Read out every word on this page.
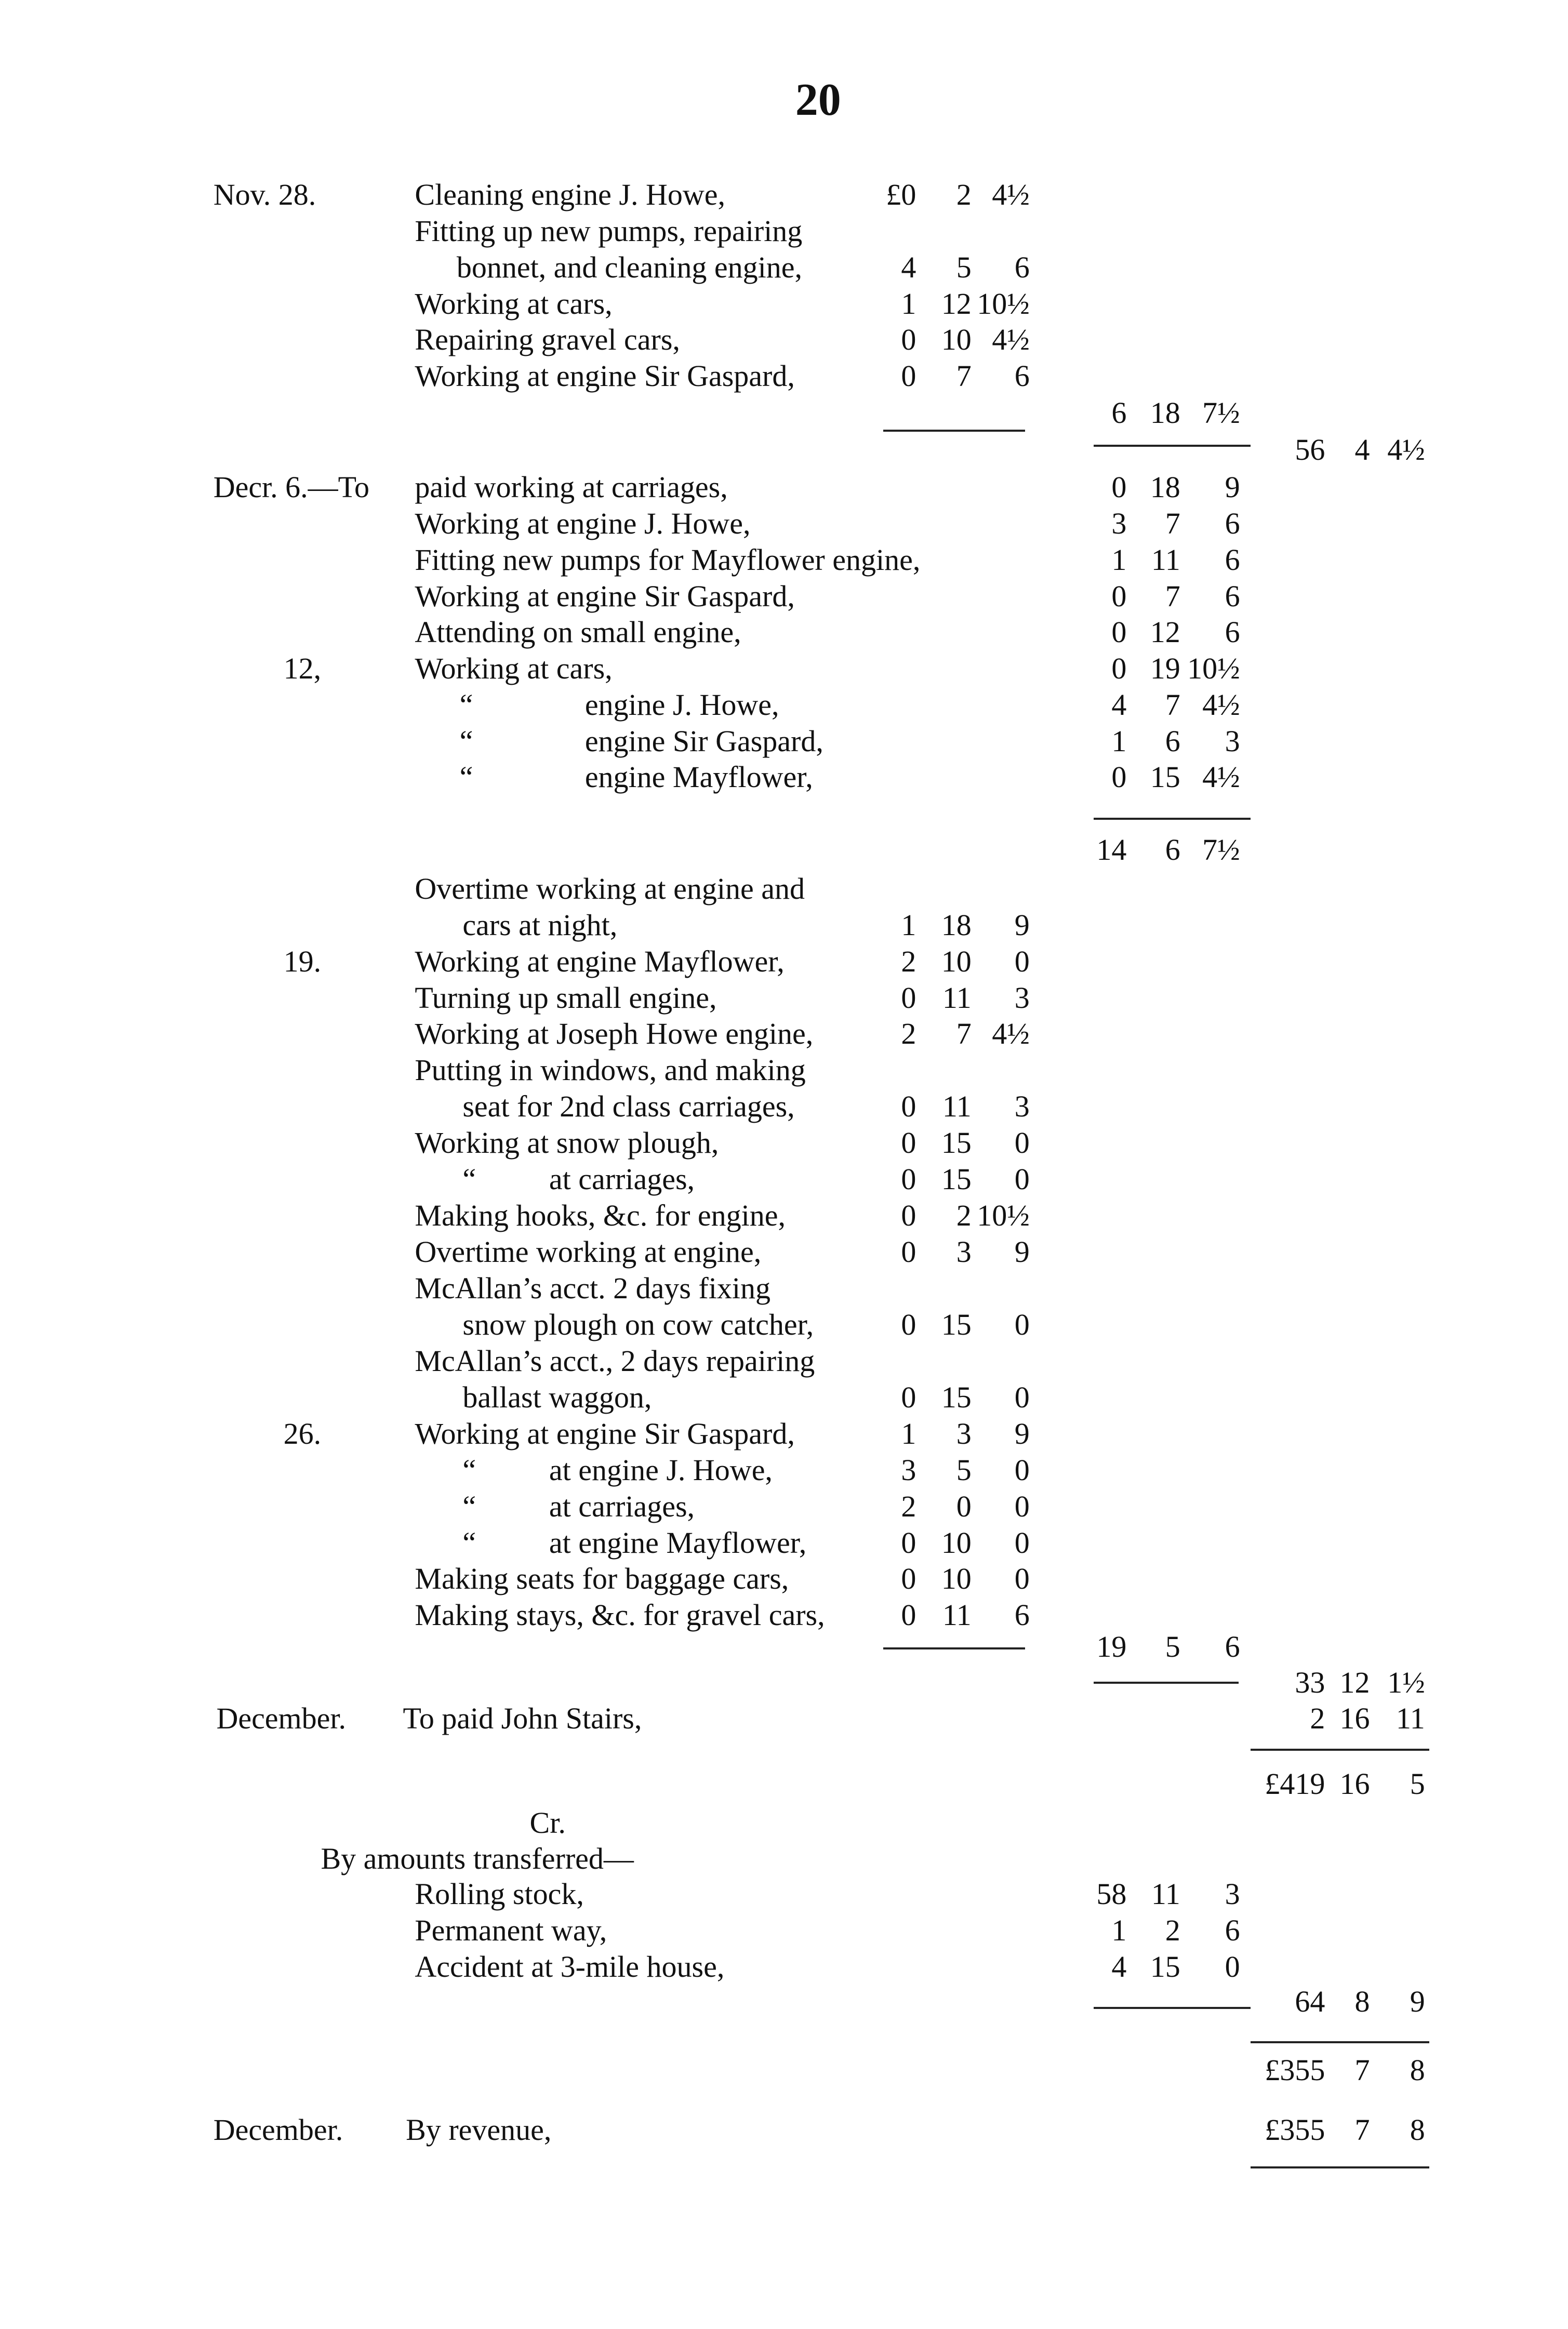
20
Nov. 28.	Cleaning engine J. Howe,	£0 2 4½
Fitting up new pumps, repairing
bonnet, and cleaning engine,	4 5 6
Working at cars,	1 12 10½
Repairing gravel cars,	0 10 4½
Working at engine Sir Gaspard,	0 7 6
6 18 7½
56 4 4½
Decr. 6.—To paid working at carriages,	0 18 9
Working at engine J. Howe,	3 7 6
Fitting new pumps for Mayflower engine,	1 11 6
Working at engine Sir Gaspard,	0 7 6
Attending on small engine,	0 12 6
12,	Working at cars,	0 19 10½
“	engine J. Howe,	4 7 4½
“	engine Sir Gaspard,	1 6 3
“	engine Mayflower,	0 15 4½
14 6 7½
Overtime working at engine and
cars at night,	1 18 9
19.	Working at engine Mayflower,	2 10 0
Turning up small engine,	0 11 3
Working at Joseph Howe engine,	2 7 4½
Putting in windows, and making
seat for 2nd class carriages,	0 11 3
Working at snow plough,	0 15 0
“ at carriages,	0 15 0
Making hooks, &c. for engine,	0 2 10½
Overtime working at engine,	0 3 9
McAllan’s acct. 2 days fixing
snow plough on cow catcher,	0 15 0
McAllan’s acct., 2 days repairing
ballast waggon,	0 15 0
26.	Working at engine Sir Gaspard,	1 3 9
“ at engine J. Howe,	3 5 0
“ at carriages,	2 0 0
“ at engine Mayflower,	0 10 0
Making seats for baggage cars,	0 10 0
Making stays, &c. for gravel cars,	0 11 6
19 5 6
33 12 1½
December. To paid John Stairs,	2 16 11
£419 16 5
Cr.
By amounts transferred—
Rolling stock,	58 11 3
Permanent way,	1 2 6
Accident at 3-mile house,	4 15 0
64 8 9
£355 7 8
December. By revenue,	£355 7 8
